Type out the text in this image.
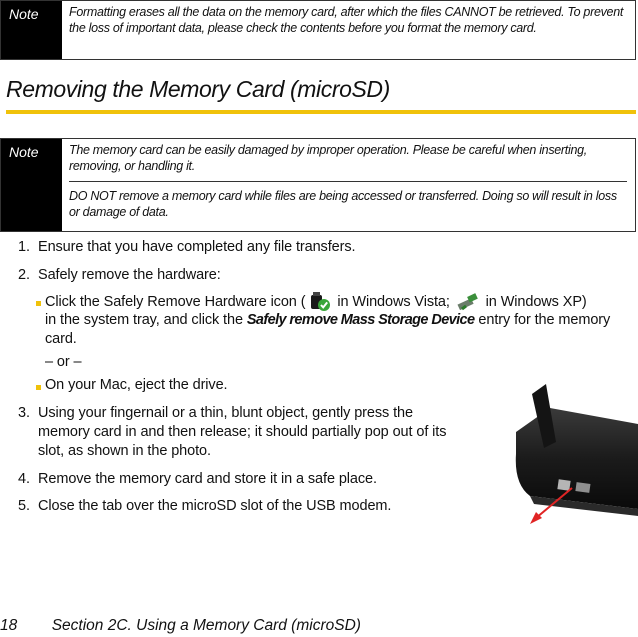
Note	Formatting erases all the data on the memory card, after which the files CANNOT be retrieved. To prevent the loss of important data, please check the contents before you format the memory card.
Removing the Memory Card (microSD)
Note	The memory card can be easily damaged by improper operation. Please be careful when inserting, removing, or handling it.
DO NOT remove a memory card while files are being accessed or transferred. Doing so will result in loss or damage of data.
1. Ensure that you have completed any file transfers.
2. Safely remove the hardware:
Click the Safely Remove Hardware icon ( in Windows Vista;  in Windows XP)
in the system tray, and click the Safely remove Mass Storage Device entry for the memory
card.
– or –
On your Mac, eject the drive.
3. Using your fingernail or a thin, blunt object, gently press the
memory card in and then release; it should partially pop out of its
slot, as shown in the photo.
4. Remove the memory card and store it in a safe place.
5. Close the tab over the microSD slot of the USB modem.
18 Section 2C. Using a Memory Card (microSD)
